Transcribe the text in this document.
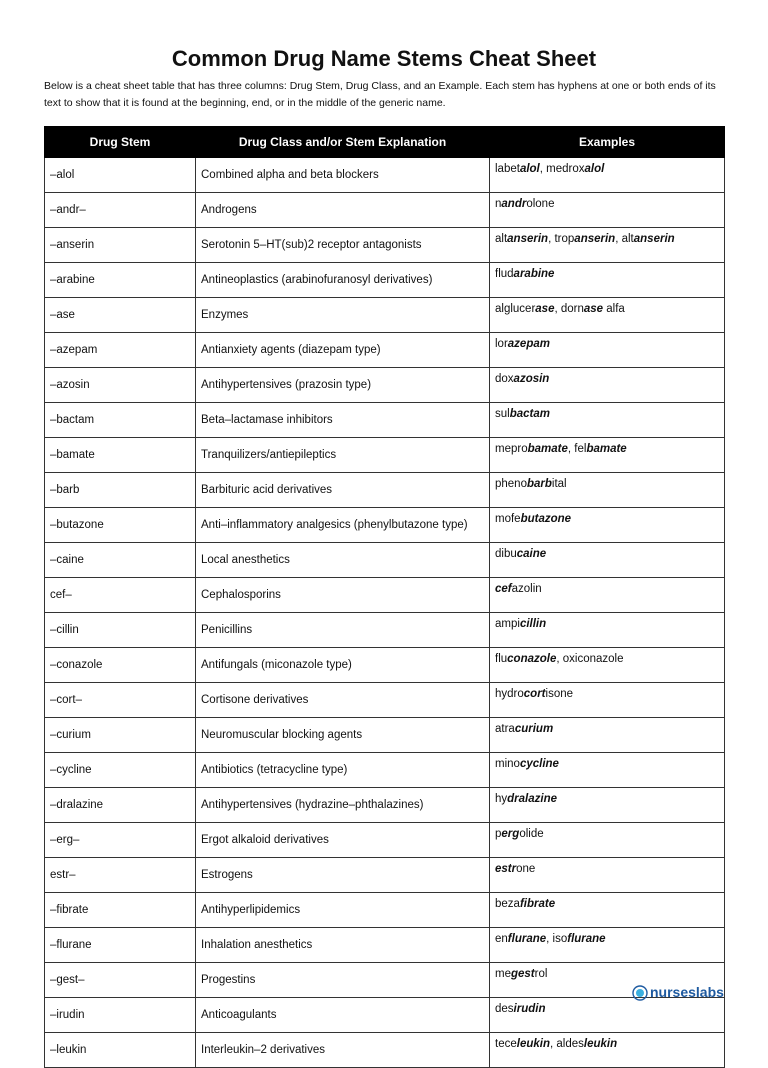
Common Drug Name Stems Cheat Sheet

Below is a cheat sheet table that has three columns: Drug Stem, Drug Class, and an Example. Each stem has hyphens at one or both ends of its text to show that it is found at the beginning, end, or in the middle of the generic name.

Drug Stem	Drug Class and/or Stem Explanation	Examples
–alol	Combined alpha and beta blockers	labetalol, medroxalol
–andr–	Androgens	nandrolone
–anserin	Serotonin 5–HT(sub)2 receptor antagonists	altanserin, tropanserin, altanserin
–arabine	Antineoplastics (arabinofuranosyl derivatives)	fludarabine
–ase	Enzymes	alglucerase, dornase alfa
–azepam	Antianxiety agents (diazepam type)	lorazepam
–azosin	Antihypertensives (prazosin type)	doxazosin
–bactam	Beta–lactamase inhibitors	sulbactam
–bamate	Tranquilizers/antiepileptics	meprobamate, felbamate
–barb	Barbituric acid derivatives	phenobarbital
–butazone	Anti–inflammatory analgesics (phenylbutazone type)	mofebutazone
–caine	Local anesthetics	dibucaine
cef–	Cephalosporins	cefazolin
–cillin	Penicillins	ampicillin
–conazole	Antifungals (miconazole type)	fluconazole, oxiconazole
–cort–	Cortisone derivatives	hydrocortisone
–curium	Neuromuscular blocking agents	atracurium
–cycline	Antibiotics (tetracycline type)	minocycline
–dralazine	Antihypertensives (hydrazine–phthalazines)	hydralazine
–erg–	Ergot alkaloid derivatives	pergolide
estr–	Estrogens	estrone
–fibrate	Antihyperlipidemics	bezafibrate
–flurane	Inhalation anesthetics	enflurane, isoflurane
–gest–	Progestins	megestrol
–irudin	Anticoagulants	desirudin
–leukin	Interleukin–2 derivatives	teceleukin, aldesleukin
nurseslabs
